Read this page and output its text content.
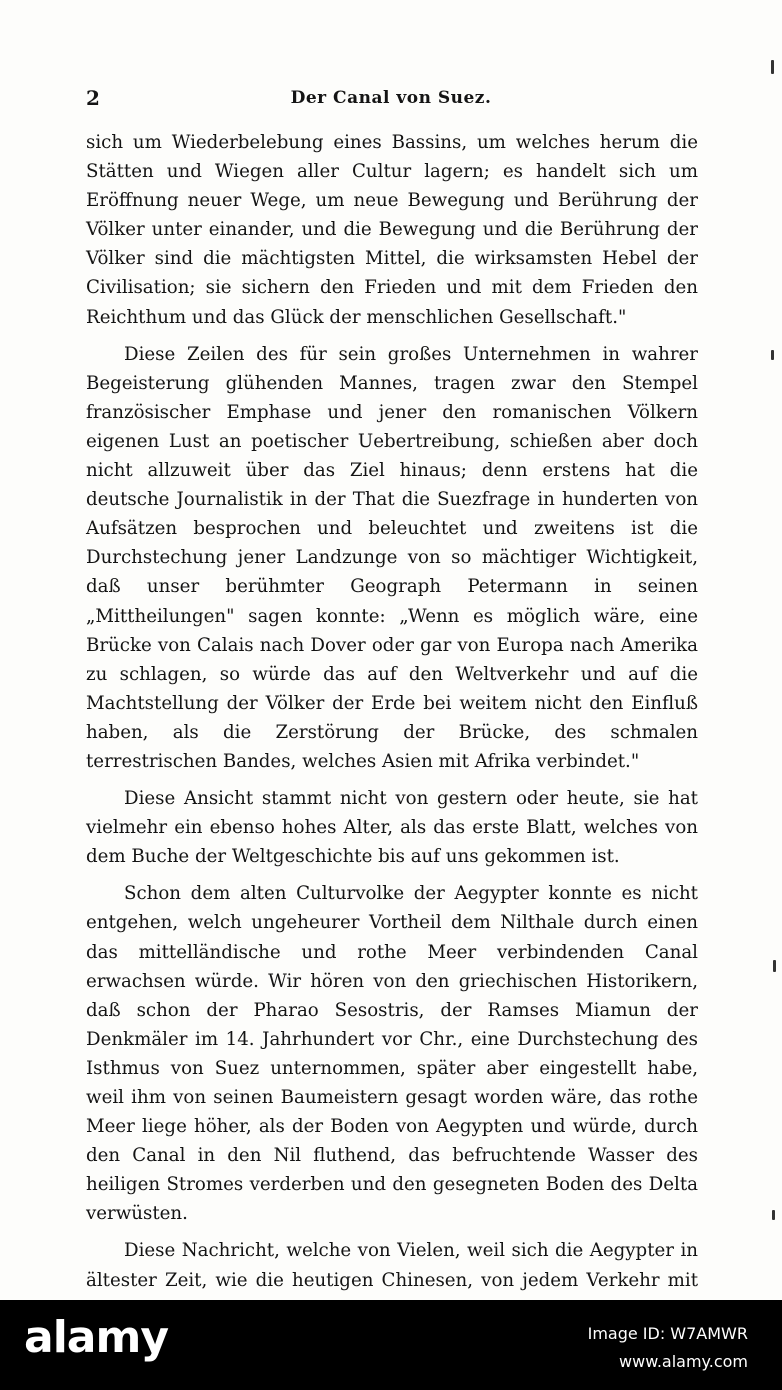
2	Der Canal von Suez.

sich um Wiederbelebung eines Bassins, um welches herum die Stätten und Wiegen aller Cultur lagern; es handelt sich um Eröffnung neuer Wege, um neue Bewegung und Berührung der Völker unter einander, und die Bewegung und die Berührung der Völker sind die mächtigsten Mittel, die wirksamsten Hebel der Civilisation; sie sichern den Frieden und mit dem Frieden den Reichthum und das Glück der menschlichen Gesellschaft."

Diese Zeilen des für sein großes Unternehmen in wahrer Begeisterung glühenden Mannes, tragen zwar den Stempel französischer Emphase und jener den romanischen Völkern eigenen Lust an poetischer Uebertreibung, schießen aber doch nicht allzuweit über das Ziel hinaus; denn erstens hat die deutsche Journalistik in der That die Suezfrage in hunderten von Aufsätzen besprochen und beleuchtet und zweitens ist die Durchstechung jener Landzunge von so mächtiger Wichtigkeit, daß unser berühmter Geograph Petermann in seinen „Mittheilungen" sagen konnte: „Wenn es möglich wäre, eine Brücke von Calais nach Dover oder gar von Europa nach Amerika zu schlagen, so würde das auf den Weltverkehr und auf die Machtstellung der Völker der Erde bei weitem nicht den Einfluß haben, als die Zerstörung der Brücke, des schmalen terrestrischen Bandes, welches Asien mit Afrika verbindet."

Diese Ansicht stammt nicht von gestern oder heute, sie hat vielmehr ein ebenso hohes Alter, als das erste Blatt, welches von dem Buche der Weltgeschichte bis auf uns gekommen ist.

Schon dem alten Culturvolke der Aegypter konnte es nicht entgehen, welch ungeheurer Vortheil dem Nilthale durch einen das mittelländische und rothe Meer verbindenden Canal erwachsen würde. Wir hören von den griechischen Historikern, daß schon der Pharao Sesostris, der Ramses Miamun der Denkmäler im 14. Jahrhundert vor Chr., eine Durchstechung des Isthmus von Suez unternommen, später aber eingestellt habe, weil ihm von seinen Baumeistern gesagt worden wäre, das rothe Meer liege höher, als der Boden von Aegypten und würde, durch den Canal in den Nil fluthend, das befruchtende Wasser des heiligen Stromes verderben und den gesegneten Boden des Delta verwüsten.

Diese Nachricht, welche von Vielen, weil sich die Aegypter in ältester Zeit, wie die heutigen Chinesen, von jedem Verkehr mit

alamy	Image ID: W7AMWR
www.alamy.com
